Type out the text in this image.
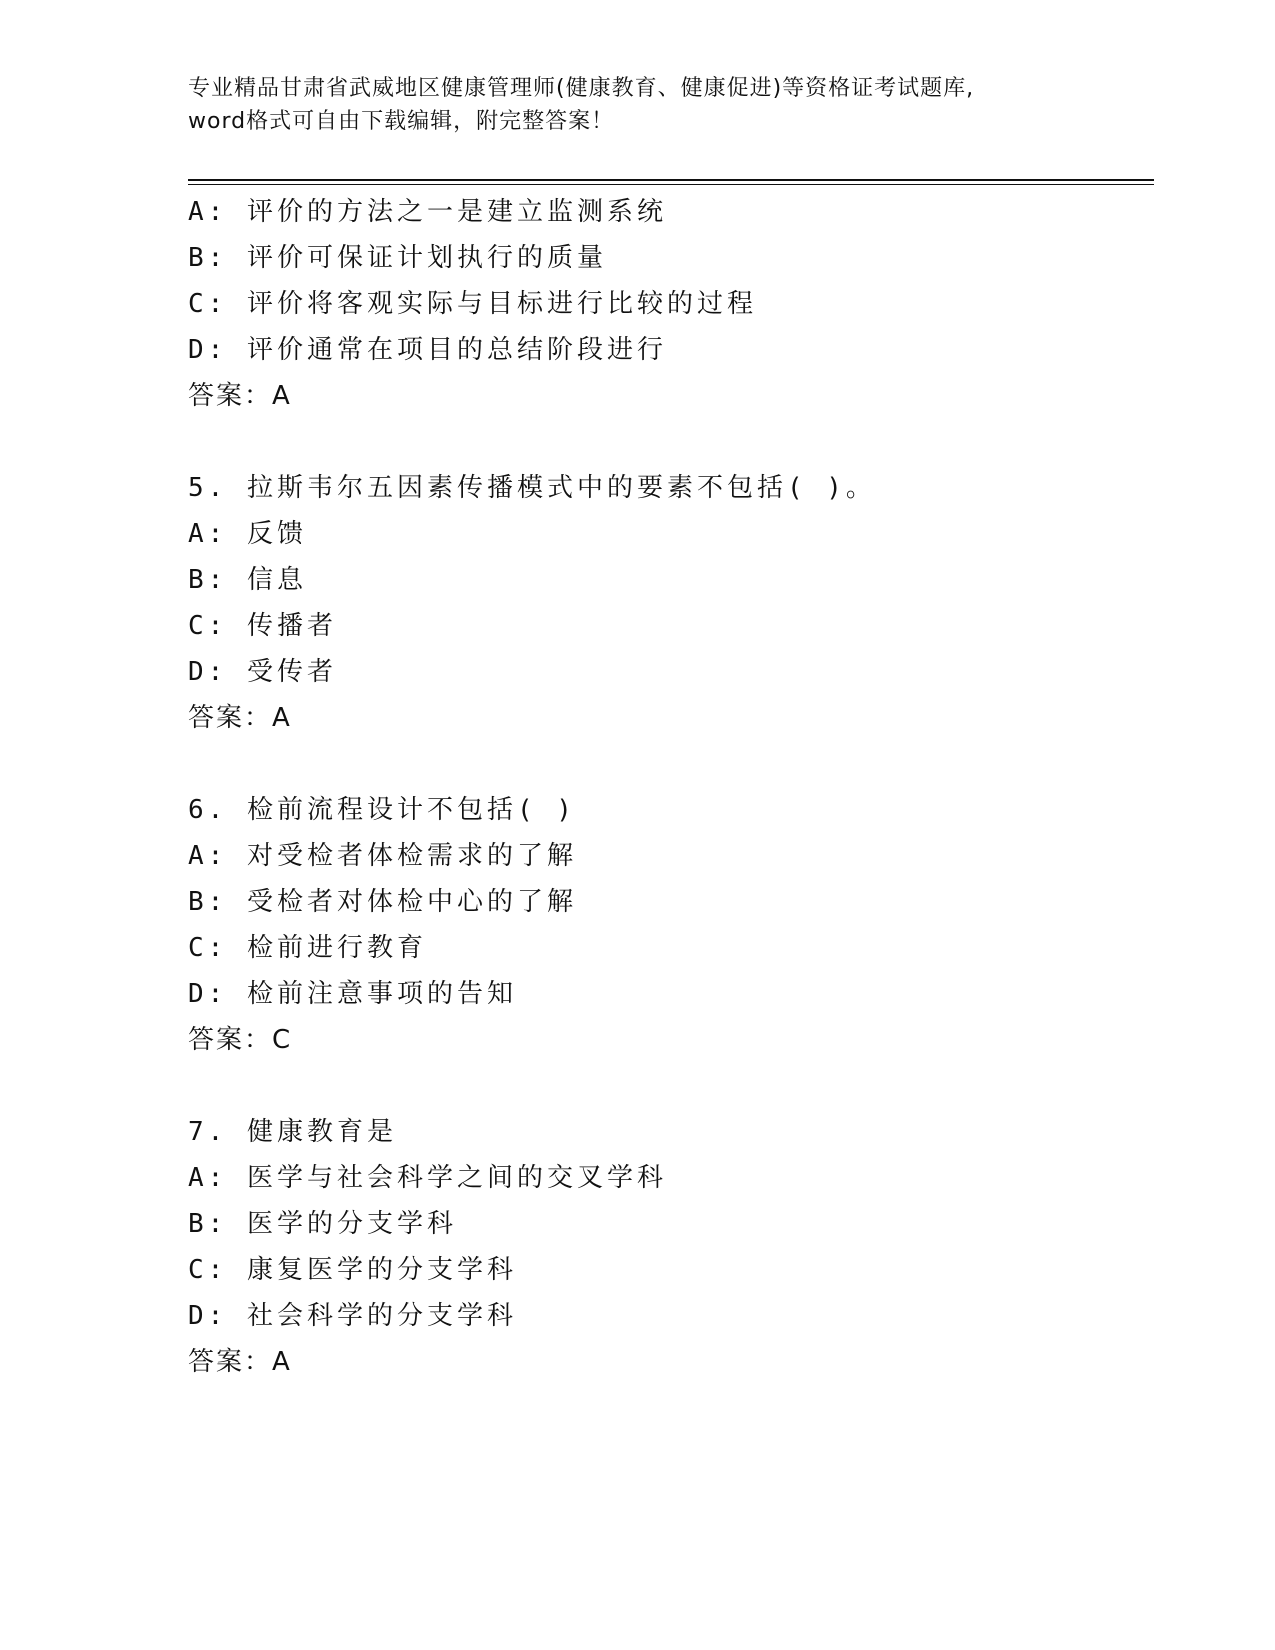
专业精品甘肃省武威地区健康管理师(健康教育、健康促进)等资格证考试题库,
word格式可自由下载编辑，附完整答案！
A: 评价的方法之一是建立监测系统
B: 评价可保证计划执行的质量
C: 评价将客观实际与目标进行比较的过程
D: 评价通常在项目的总结阶段进行
答案：A
5. 拉斯韦尔五因素传播模式中的要素不包括( )。
A: 反馈
B: 信息
C: 传播者
D: 受传者
答案：A
6. 检前流程设计不包括( )
A: 对受检者体检需求的了解
B: 受检者对体检中心的了解
C: 检前进行教育
D: 检前注意事项的告知
答案：C
7. 健康教育是
A: 医学与社会科学之间的交叉学科
B: 医学的分支学科
C: 康复医学的分支学科
D: 社会科学的分支学科
答案：A
